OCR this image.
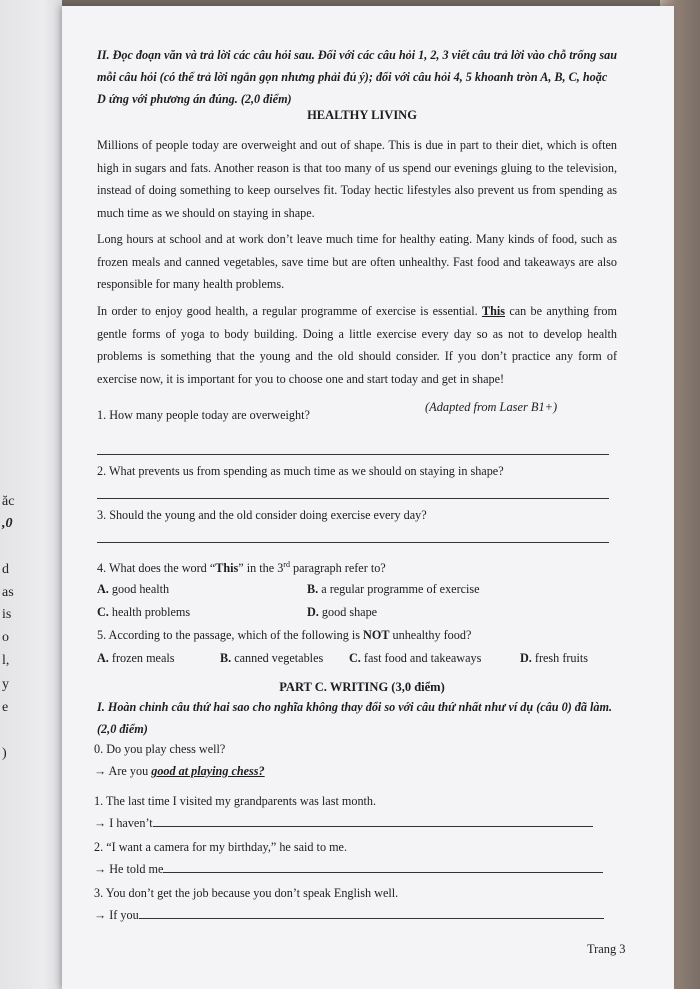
ăc
,0
d
as
is
o
l,
y
e
)
II. Đọc đoạn văn và trả lời các câu hỏi sau. Đối với các câu hỏi 1, 2, 3 viết câu trả lời vào chỗ trống sau mỗi câu hỏi (có thể trả lời ngắn gọn nhưng phải đủ ý); đối với câu hỏi 4, 5 khoanh tròn A, B, C, hoặc D ứng với phương án đúng. (2,0 điểm)
HEALTHY LIVING
Millions of people today are overweight and out of shape. This is due in part to their diet, which is often high in sugars and fats. Another reason is that too many of us spend our evenings gluing to the television, instead of doing something to keep ourselves fit. Today hectic lifestyles also prevent us from spending as much time as we should on staying in shape.
Long hours at school and at work don’t leave much time for healthy eating. Many kinds of food, such as frozen meals and canned vegetables, save time but are often unhealthy. Fast food and takeaways are also responsible for many health problems.
In order to enjoy good health, a regular programme of exercise is essential. This can be anything from gentle forms of yoga to body building. Doing a little exercise every day so as not to develop health problems is something that the young and the old should consider. If you don’t practice any form of exercise now, it is important for you to choose one and start today and get in shape!
(Adapted from Laser B1+)
1. How many people today are overweight?
2. What prevents us from spending as much time as we should on staying in shape?
3. Should the young and the old consider doing exercise every day?
4. What does the word “This” in the 3rd paragraph refer to?
A. good health	B. a regular programme of exercise
C. health problems	D. good shape
5. According to the passage, which of the following is NOT unhealthy food?
A. frozen meals	B. canned vegetables C. fast food and takeaways	D. fresh fruits
PART C. WRITING (3,0 điểm)
I. Hoàn chỉnh câu thứ hai sao cho nghĩa không thay đổi so với câu thứ nhất như ví dụ (câu 0) đã làm. (2,0 điểm)
0. Do you play chess well?
→ Are you good at playing chess?
1. The last time I visited my grandparents was last month.
→ I haven’t
2. “I want a camera for my birthday,” he said to me.
→ He told me
3. You don’t get the job because you don’t speak English well.
→ If you
Trang 3
